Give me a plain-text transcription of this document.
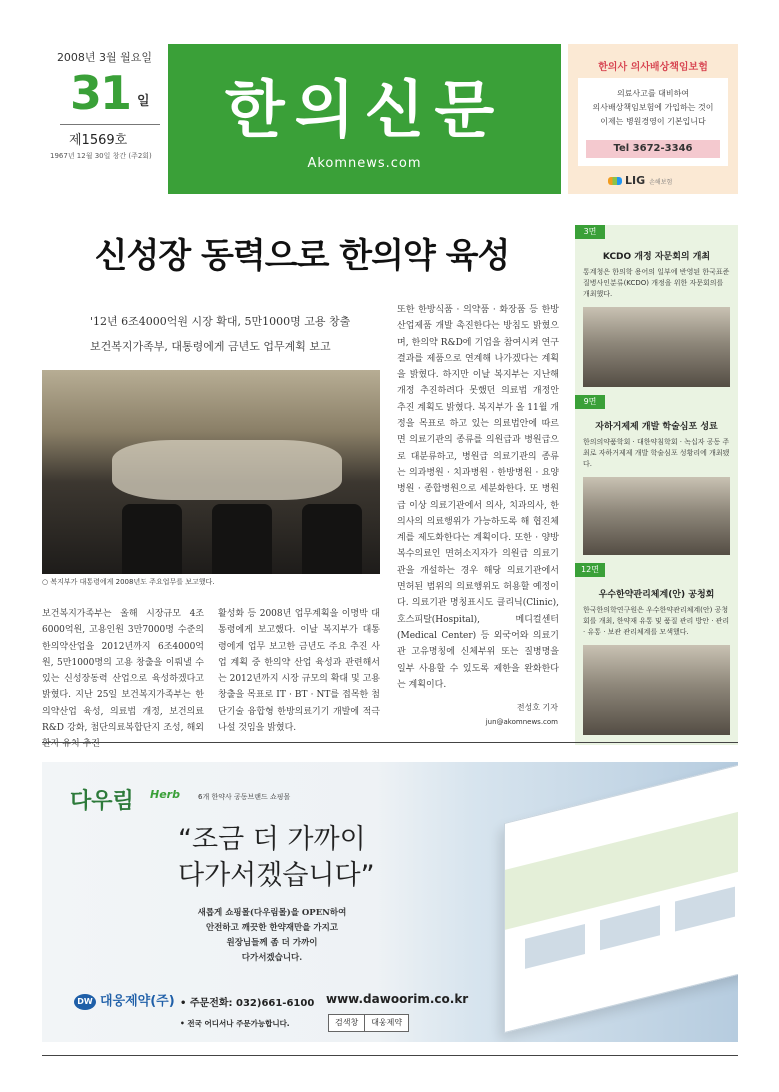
2008년 3월 월요일
31 일
제1569호
1967년 12월 30일 창간 (주2회)
한의신문
Akomnews.com
한의사 의사배상책임보험
의료사고를 대비하여
의사배상책임보험에 가입하는 것이
이제는 병원경영이 기본입니다
Tel 3672-3346
LIG 손해보험
신성장 동력으로 한의약 육성
'12년 6조4000억원 시장 확대, 5만1000명 고용 창출
보건복지가족부, 대통령에게 금년도 업무계획 보고
○ 복지부가 대통령에게 2008년도 주요업무를 보고했다.

보건복지가족부는 올해 시장규모 4조6000억원, 고용인원 3만7000명 수준의 한의약산업을 2012년까지 6조4000억원, 5만1000명의 고용 창출을 이뤄낼 수 있는 신성장동력 산업으로 육성하겠다고 밝혔다. 지난 25일 보건복지가족부는 한의약산업 육성, 의료법 개정, 보건의료 R&D 강화, 첨단의료복합단지 조성, 해외환자 유치 추진

활성화 등 2008년 업무계획을 이명박 대통령에게 보고했다. 이날 복지부가 대통령에게 업무 보고한 금년도 주요 추진 사업 계획 중 한의약 산업 육성과 관련해서는 2012년까지 시장 규모의 확대 및 고용 창출을 목표로 IT · BT · NT를 접목한 첨단기술 융합형 한방의료기기 개발에 적극 나설 것임을 밝혔다.

또한 한방식품 · 의약품 · 화장품 등 한방 산업제품 개발 촉진한다는 방침도 밝혔으며, 한의약 R&D에 기업을 참여시켜 연구 결과를 제품으로 연계해 나가겠다는 계획을 밝혔다. 하지만 이날 복지부는 지난해 개정 추진하려다 못했던 의료법 개정안 추진 계획도 밝혔다. 복지부가 올 11월 개정을 목표로 하고 있는 의료법안에 따르면 의료기관의 종류를 의원급과 병원급으로 대분류하고, 병원급 의료기관의 종류는 의과병원 · 치과병원 · 한방병원 · 요양병원 · 종합병원으로 세분화한다. 또 병원급 이상 의료기관에서 의사, 치과의사, 한의사의 의료행위가 가능하도록 해 협진체계를 제도화한다는 계획이다. 또한 · 양방 복수의료인 면허소지자가 의원급 의료기관을 개설하는 경우 해당 의료기관에서 면허된 범위의 의료행위도 허용할 예정이다. 의료기관 명칭표시도 클리닉(Clinic), 호스피탈(Hospital), 메디컬센터(Medical Center) 등 외국어와 의료기관 고유명칭에 신체부위 또는 질병명을 일부 사용할 수 있도록 제한을 완화한다는 계획이다.

전성호 기자
jun@akomnews.com
3면
KCDO 개정 자문회의 개최
통계청은 한의학 용어의 일부에 반영된 한국표준질병사인분류(KCDO) 개정을 위한 자문회의를 개최했다.
9면
자하거제제 개발 학술심포 성료
한의의약품학회 · 대한약침학회 · 녹십자 공동 주최로 자하거제제 개발 학술심포 성황리에 개최됐다.
12면
우수한약관리체계(안) 공청회
한국한의학연구원은 우수한약관리체계(안) 공청회를 개최, 한약재 유통 및 품질 관리 방안 · 관리 · 유통 · 보관 관리체계를 모색했다.
다우림 Herb	6개 한약사 공동브랜드 쇼핑몰
“조금 더 가까이
다가서겠습니다”
새롭게 쇼핑몰(다우림몰)을 OPEN하여
안전하고 깨끗한 한약재만을 가지고
원장님들께 좀 더 가까이
다가서겠습니다.
DW 대웅제약(주) • 주문전화: 032)661-6100 www.dawoorim.co.kr
• 전국 어디서나 주문가능합니다.	검색창 대웅제약
